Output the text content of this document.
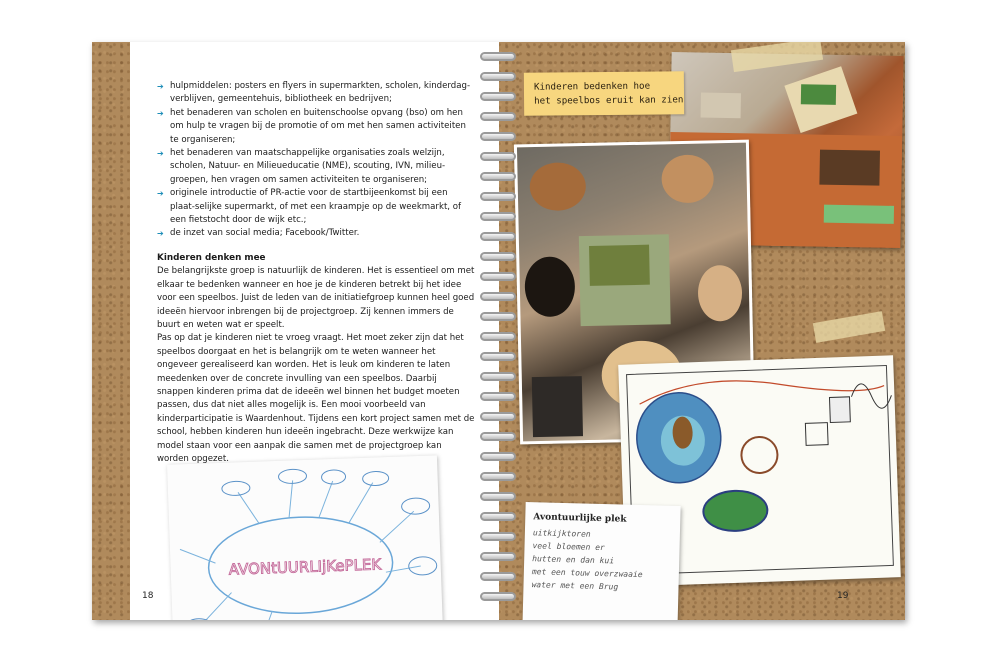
➔ hulpmiddelen: posters en flyers in supermarkten, scholen, kinderdag-verblijven, gemeentehuis, bibliotheek en bedrijven;
➔ het benaderen van scholen en buitenschoolse opvang (bso) om hen om hulp te vragen bij de promotie of om met hen samen activiteiten te organiseren;
➔ het benaderen van maatschappelijke organisaties zoals welzijn, scholen, Natuur- en Milieueducatie (NME), scouting, IVN, milieu-groepen, hen vragen om samen activiteiten te organiseren;
➔ originele introductie of PR-actie voor de startbijeenkomst bij een plaat-selijke supermarkt, of met een kraampje op de weekmarkt, of een fietstocht door de wijk etc.;
➔ de inzet van social media; Facebook/Twitter.
Kinderen denken mee

De belangrijkste groep is natuurlijk de kinderen. Het is essentieel om met elkaar te bedenken wanneer en hoe je de kinderen betrekt bij het idee voor een speelbos. Juist de leden van de initiatiefgroep kunnen heel goed ideeën hiervoor inbrengen bij de projectgroep. Zij kennen immers de buurt en weten wat er speelt.

Pas op dat je kinderen niet te vroeg vraagt. Het moet zeker zijn dat het speelbos doorgaat en het is belangrijk om te weten wanneer het ongeveer gerealiseerd kan worden. Het is leuk om kinderen te laten meedenken over de concrete invulling van een speelbos. Daarbij snappen kinderen prima dat de ideeën wel binnen het budget moeten passen, dus dat niet alles mogelijk is. Een mooi voorbeeld van kinderparticipatie is Waardenhout. Tijdens een kort project samen met de school, hebben kinderen hun ideeën ingebracht. Deze werkwijze kan model staan voor een aanpak die samen met de projectgroep kan worden opgezet.

AVONtUURLIjKePLEK
18
Kinderen bedenken hoe
het speelbos eruit kan zien
Avontuurlijke plek

uitkijktoren

veel bloemen er

hutten en dan kui

met een touw overzwaaie

water met een Brug

19
